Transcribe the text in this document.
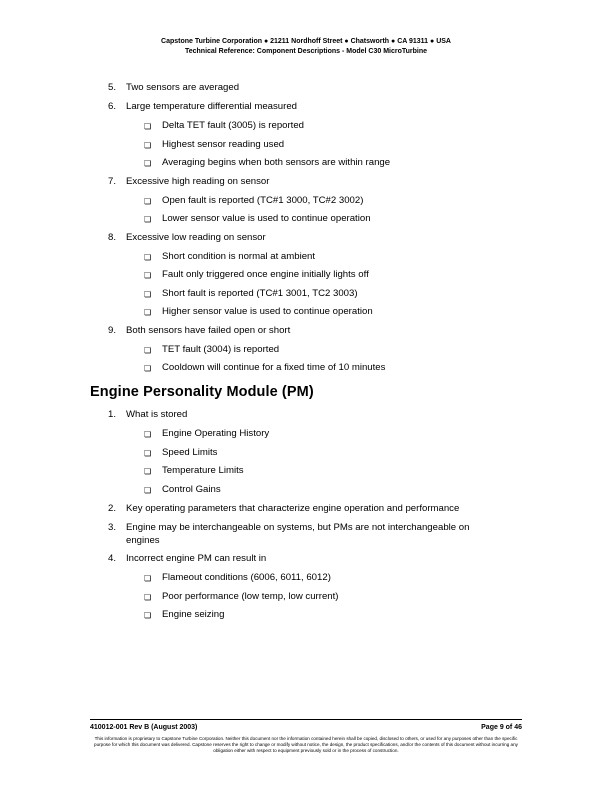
Capstone Turbine Corporation ● 21211 Nordhoff Street ● Chatsworth ● CA 91311 ● USA
Technical Reference: Component Descriptions - Model C30 MicroTurbine
5. Two sensors are averaged
6. Large temperature differential measured
❏ Delta TET fault (3005) is reported
❏ Highest sensor reading used
❏ Averaging begins when both sensors are within range
7. Excessive high reading on sensor
❏ Open fault is reported (TC#1 3000, TC#2 3002)
❏ Lower sensor value is used to continue operation
8. Excessive low reading on sensor
❏ Short condition is normal at ambient
❏ Fault only triggered once engine initially lights off
❏ Short fault is reported (TC#1 3001, TC2 3003)
❏ Higher sensor value is used to continue operation
9. Both sensors have failed open or short
❏ TET fault (3004) is reported
❏ Cooldown will continue for a fixed time of 10 minutes
1. What is stored
❏ Engine Operating History
❏ Speed Limits
❏ Temperature Limits
❏ Control Gains
2. Key operating parameters that characterize engine operation and performance
3. Engine may be interchangeable on systems, but PMs are not interchangeable on
engines
4. Incorrect engine PM can result in
❏ Flameout conditions (6006, 6011, 6012)
❏ Poor performance (low temp, low current)
❏ Engine seizing
Engine Personality Module (PM)
410012-001 Rev B (August 2003)	Page 9 of 46
This information is proprietary to Capstone Turbine Corporation. Neither this document nor the information contained herein shall be copied, disclosed to others, or used for any purposes other than the specific purpose for which this document was delivered. Capstone reserves the right to change or modify without notice, the design, the product specifications, and/or the contents of this document without incurring any obligation either with respect to equipment previously sold or in the process of construction.
